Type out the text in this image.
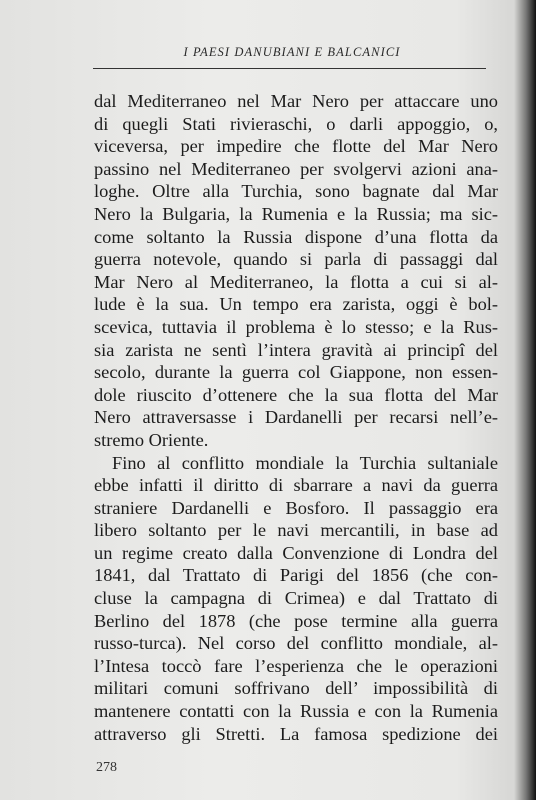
I PAESI DANUBIANI E BALCANICI
dal Mediterraneo nel Mar Nero per attaccare uno
di quegli Stati rivieraschi, o darli appoggio, o,
viceversa, per impedire che flotte del Mar Nero
passino nel Mediterraneo per svolgervi azioni ana-
loghe. Oltre alla Turchia, sono bagnate dal Mar
Nero la Bulgaria, la Rumenia e la Russia; ma sic-
come soltanto la Russia dispone d’una flotta da
guerra notevole, quando si parla di passaggi dal
Mar Nero al Mediterraneo, la flotta a cui si al-
lude è la sua. Un tempo era zarista, oggi è bol-
scevica, tuttavia il problema è lo stesso; e la Rus-
sia zarista ne sentì l’intera gravità ai principî del
secolo, durante la guerra col Giappone, non essen-
dole riuscito d’ottenere che la sua flotta del Mar
Nero attraversasse i Dardanelli per recarsi nell’e-
stremo Oriente.
Fino al conflitto mondiale la Turchia sultaniale
ebbe infatti il diritto di sbarrare a navi da guerra
straniere Dardanelli e Bosforo. Il passaggio era
libero soltanto per le navi mercantili, in base ad
un regime creato dalla Convenzione di Londra del
1841, dal Trattato di Parigi del 1856 (che con-
cluse la campagna di Crimea) e dal Trattato di
Berlino del 1878 (che pose termine alla guerra
russo-turca). Nel corso del conflitto mondiale, al-
l’Intesa toccò fare l’esperienza che le operazioni
militari comuni soffrivano dell’ impossibilità di
mantenere contatti con la Russia e con la Rumenia
attraverso gli Stretti. La famosa spedizione dei
278
